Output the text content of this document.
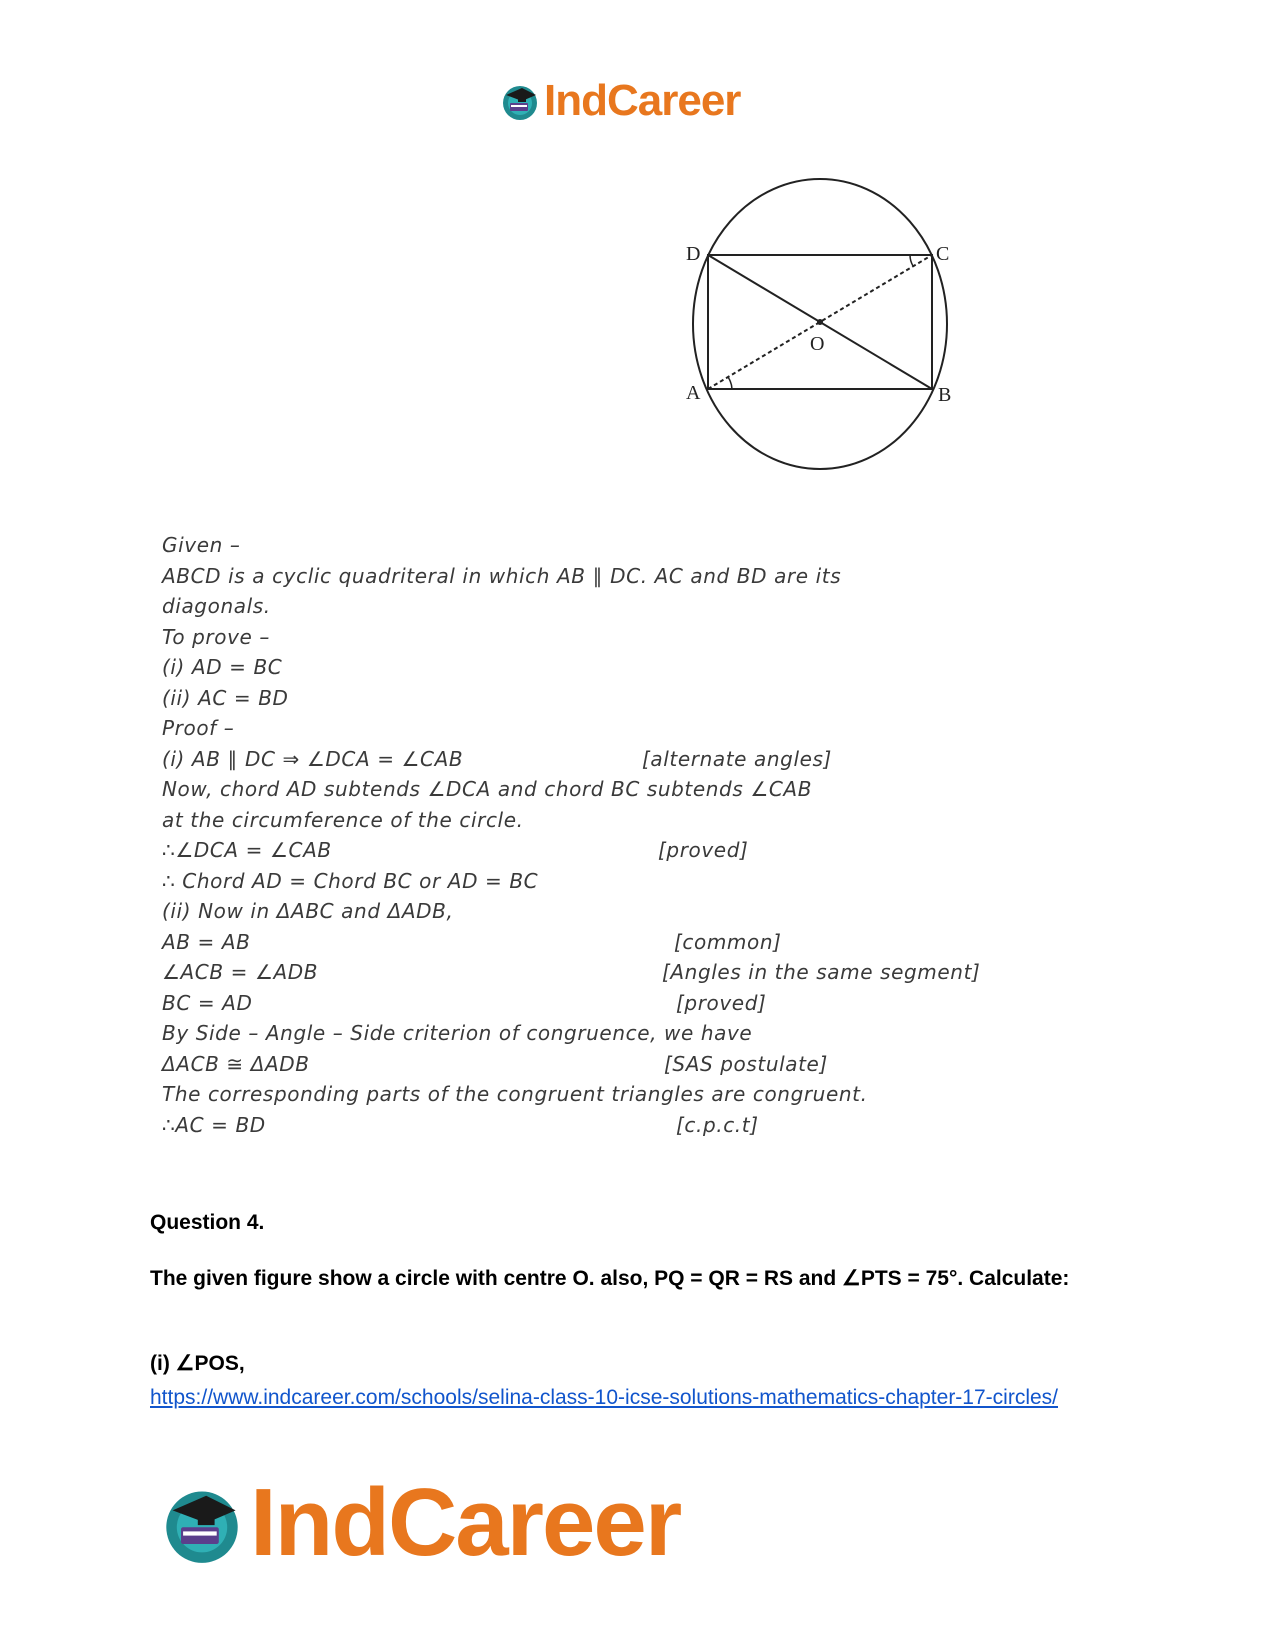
IndCareer
D	C
A	B
O
Given –
ABCD is a cyclic quadriteral in which AB ∥ DC. AC and BD are its
diagonals.
To prove –
(i) AD = BC
(ii) AC = BD
Proof –
(i) AB ∥ DC ⇒ ∠DCA = ∠CAB	[alternate angles]
Now, chord AD subtends ∠DCA and chord BC subtends ∠CAB
at the circumference of the circle.
∴∠DCA = ∠CAB	[proved]
∴ Chord AD = Chord BC or AD = BC
(ii) Now in ΔABC and ΔADB,
AB = AB	[common]
∠ACB = ∠ADB	[Angles in the same segment]
BC = AD	[proved]
By Side – Angle – Side criterion of congruence, we have
ΔACB ≅ ΔADB	[SAS postulate]
The corresponding parts of the congruent triangles are congruent.
∴AC = BD	[c.p.c.t]
Question 4.
The given figure show a circle with centre O. also, PQ = QR = RS and ∠PTS = 75°. Calculate:
(i) ∠POS,
https://www.indcareer.com/schools/selina-class-10-icse-solutions-mathematics-chapter-17-circles/
IndCareer
